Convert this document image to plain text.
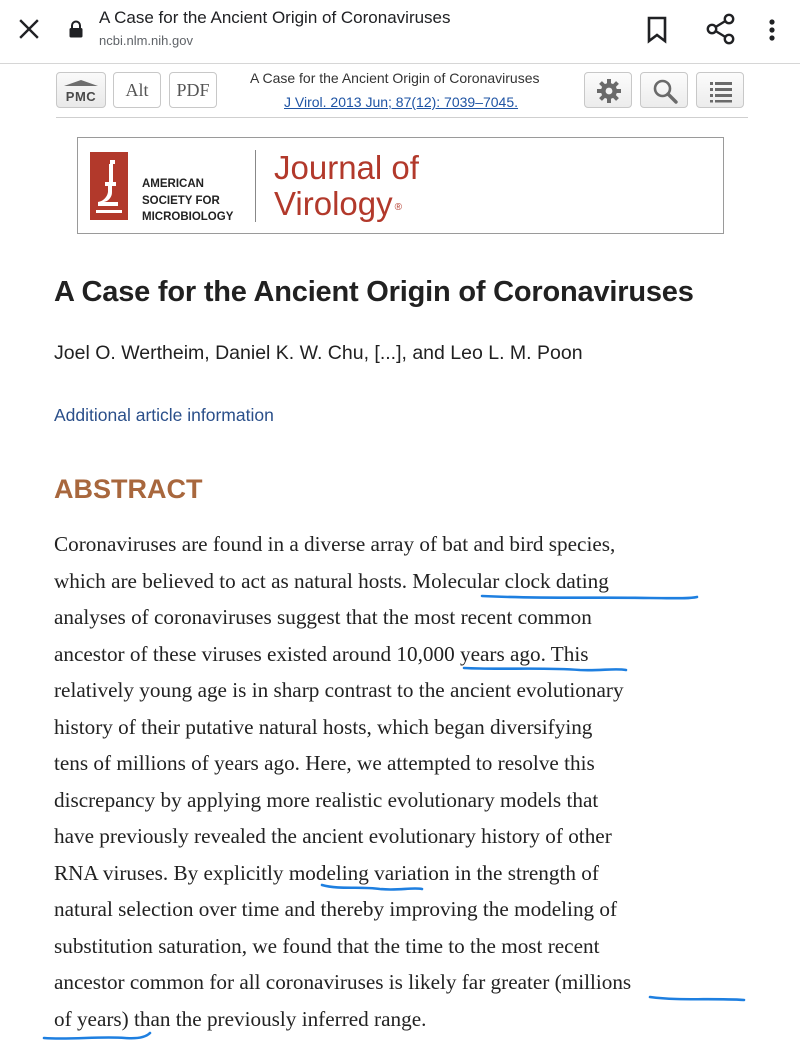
A Case for the Ancient Origin of Coronaviruses
ncbi.nlm.nih.gov
PMC	Alt	PDF
A Case for the Ancient Origin of Coronaviruses
J Virol. 2013 Jun; 87(12): 7039–7045.
AMERICAN
SOCIETY FOR
MICROBIOLOGY
Journal of
Virology ®
A Case for the Ancient Origin of Coronaviruses
Joel O. Wertheim, Daniel K. W. Chu, [...], and Leo L. M. Poon
Additional article information
ABSTRACT
Coronaviruses are found in a diverse array of bat and bird species,
which are believed to act as natural hosts. Molecular clock dating
analyses of coronaviruses suggest that the most recent common
ancestor of these viruses existed around 10,000 years ago. This
relatively young age is in sharp contrast to the ancient evolutionary
history of their putative natural hosts, which began diversifying
tens of millions of years ago. Here, we attempted to resolve this
discrepancy by applying more realistic evolutionary models that
have previously revealed the ancient evolutionary history of other
RNA viruses. By explicitly modeling variation in the strength of
natural selection over time and thereby improving the modeling of
substitution saturation, we found that the time to the most recent
ancestor common for all coronaviruses is likely far greater (millions
of years) than the previously inferred range.
